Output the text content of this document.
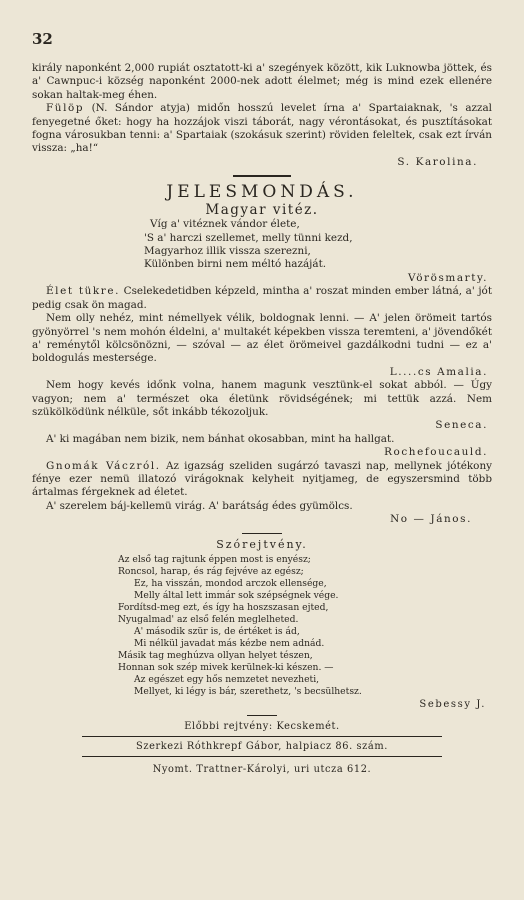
32

király naponként 2,000 rupiát osztatott-ki a' szegények között, kik Luknowba jöttek, és a' Cawnpuc-i község naponként 2000-nek adott élelmet; még is mind ezek ellenére sokan haltak-meg éhen.

Fülöp (N. Sándor atyja) midőn hosszú levelet írna a' Spartaiaknak, 's azzal fenyegetné őket: hogy ha hozzájok viszi táborát, nagy vérontásokat, és pusztításokat fogna városukban tenni: a' Spartaiak (szokásuk szerint) röviden feleltek, csak ezt írván vissza: „ha!“

S. Karolina.

JELESMONDÁS.
Magyar vitéz.
Víg a' vitéznek vándor élete,
'S a' harczi szellemet, melly tünni kezd,
Magyarhoz illik vissza szerezni,
Különben birni nem méltó hazáját.

Vörösmarty.

Élet tükre. Cselekedetidben képzeld, mintha a' roszat minden ember látná, a' jót pedig csak ön magad.

Nem olly nehéz, mint némellyek vélik, boldognak lenni. — A' jelen örömeit tartós gyönyörrel 's nem mohón éldelni, a' multakét képekben vissza teremteni, a' jövendőkét a' reménytől kölcsönözni, — szóval — az élet örömeivel gazdálkodni tudni — ez a' boldogulás mestersége.

L....cs Amalia.

Nem hogy kevés időnk volna, hanem magunk vesztünk-el sokat abból. — Úgy vagyon; nem a' természet oka életünk rövidségének; mi tettük azzá. Nem szükölködünk nélküle, sőt inkább tékozoljuk.

Seneca.

A' ki magában nem bizik, nem bánhat okosabban, mint ha hallgat.

Rochefoucauld.

Gnomák Váczról. Az igazság szeliden sugárzó tavaszi nap, mellynek jótékony fénye ezer nemü illatozó virágoknak kelyheit nyitjameg, de egyszersmind több ártalmas férgeknek ad életet.

A' szerelem báj-kellemü virág. A' barátság édes gyümölcs.

No — János.

Szórejtvény.
Az első tag rajtunk éppen most is enyész;
Roncsol, harap, és rág fejvéve az egész;
Ez, ha visszán, mondod arczok ellensége,
Melly által lett immár sok szépségnek vége.
Fordítsd-meg ezt, és így ha hoszszasan ejted,
Nyugalmad' az első felén meglelheted.
A' második szür is, de értéket is ád,
Mi nélkül javadat más kézbe nem adnád.
Másik tag meghúzva ollyan helyet tészen,
Honnan sok szép mivek kerülnek-ki készen. —
Az egészet egy hős nemzetet nevezheti,
Mellyet, ki légy is bár, szerethetz, 's becsülhetsz.

Sebessy J.

Előbbi rejtvény: Kecskemét.
Szerkezi Róthkrepf Gábor, halpiacz 86. szám.
Nyomt. Trattner-Károlyi, uri utcza 612.
